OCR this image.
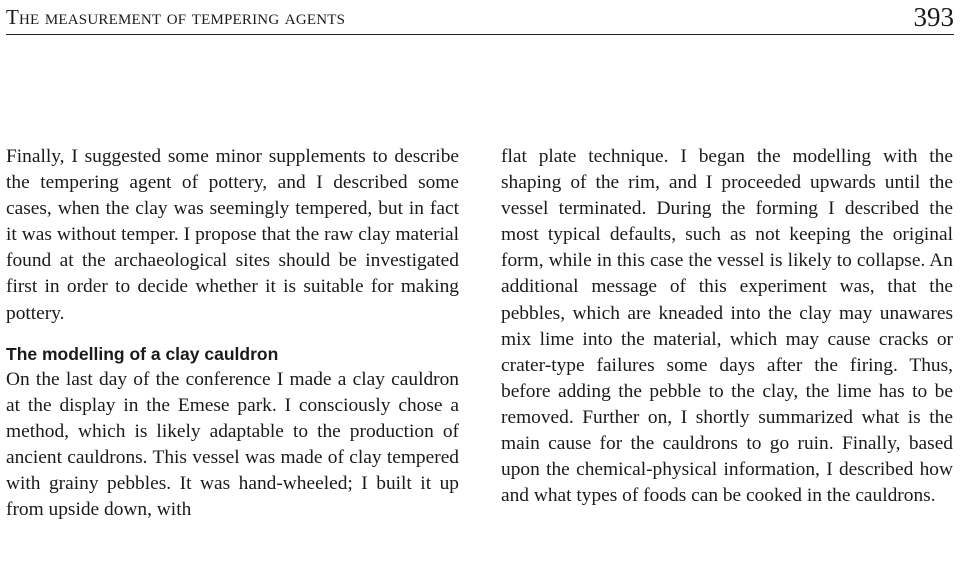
The measurement of tempering agents	393

Finally, I suggested some minor supplements to describe the tempering agent of pottery, and I described some cases, when the clay was seemingly tempered, but in fact it was without temper. I propose that the raw clay material found at the archaeological sites should be investigated first in order to decide whether it is suitable for making pottery.

The modelling of a clay cauldron

On the last day of the conference I made a clay cauldron at the display in the Emese park. I consciously chose a method, which is likely adaptable to the production of ancient cauldrons. This vessel was made of clay tempered with grainy pebbles. It was hand-wheeled; I built it up from upside down, with

flat plate technique. I began the modelling with the shaping of the rim, and I proceeded upwards until the vessel terminated. During the forming I described the most typical defaults, such as not keeping the original form, while in this case the vessel is likely to collapse. An additional message of this experiment was, that the pebbles, which are kneaded into the clay may unawares mix lime into the material, which may cause cracks or crater-type failures some days after the firing. Thus, before adding the pebble to the clay, the lime has to be removed. Further on, I shortly summarized what is the main cause for the cauldrons to go ruin. Finally, based upon the chemical-physical information, I described how and what types of foods can be cooked in the cauldrons.
